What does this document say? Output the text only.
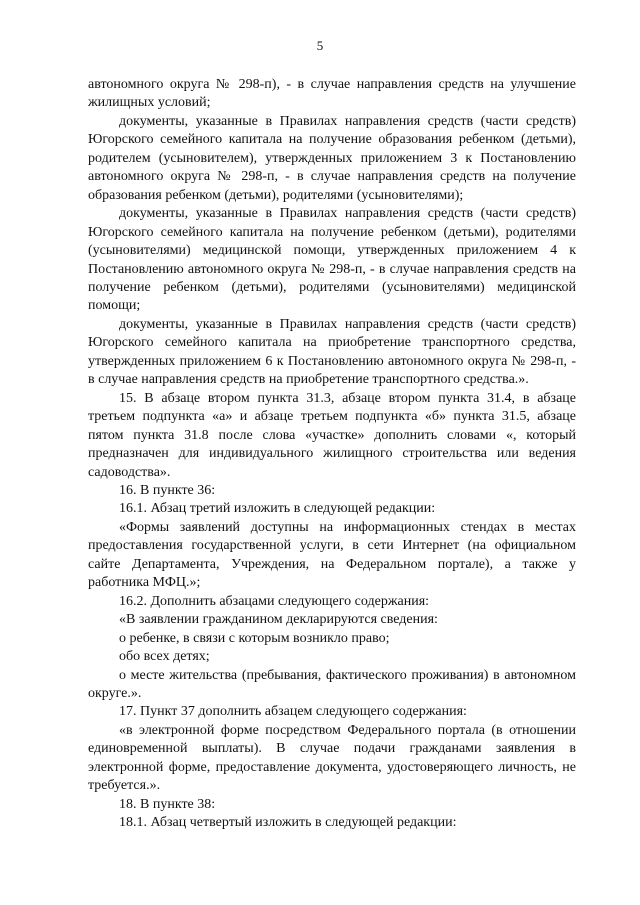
5

автономного округа № 298-п), - в случае направления средств на улучшение жилищных условий;

документы, указанные в Правилах направления средств (части средств) Югорского семейного капитала на получение образования ребенком (детьми), родителем (усыновителем), утвержденных приложением 3 к Постановлению автономного округа № 298-п, - в случае направления средств на получение образования ребенком (детьми), родителями (усыновителями);

документы, указанные в Правилах направления средств (части средств) Югорского семейного капитала на получение ребенком (детьми), родителями (усыновителями) медицинской помощи, утвержденных приложением 4 к Постановлению автономного округа № 298-п, - в случае направления средств на получение ребенком (детьми), родителями (усыновителями) медицинской помощи;

документы, указанные в Правилах направления средств (части средств) Югорского семейного капитала на приобретение транспортного средства, утвержденных приложением 6 к Постановлению автономного округа № 298-п, - в случае направления средств на приобретение транспортного средства.».

15. В абзаце втором пункта 31.3, абзаце втором пункта 31.4, в абзаце третьем подпункта «а» и абзаце третьем подпункта «б» пункта 31.5, абзаце пятом пункта 31.8 после слова «участке» дополнить словами «, который предназначен для индивидуального жилищного строительства или ведения садоводства».

16. В пункте 36:

16.1. Абзац третий изложить в следующей редакции:

«Формы заявлений доступны на информационных стендах в местах предоставления государственной услуги, в сети Интернет (на официальном сайте Департамента, Учреждения, на Федеральном портале), а также у работника МФЦ.»;

16.2. Дополнить абзацами следующего содержания:

«В заявлении гражданином декларируются сведения:

о ребенке, в связи с которым возникло право;

обо всех детях;

о месте жительства (пребывания, фактического проживания) в автономном округе.».

17. Пункт 37 дополнить абзацем следующего содержания:

«в электронной форме посредством Федерального портала (в отношении единовременной выплаты). В случае подачи гражданами заявления в электронной форме, предоставление документа, удостоверяющего личность, не требуется.».

18. В пункте 38:

18.1. Абзац четвертый изложить в следующей редакции:
